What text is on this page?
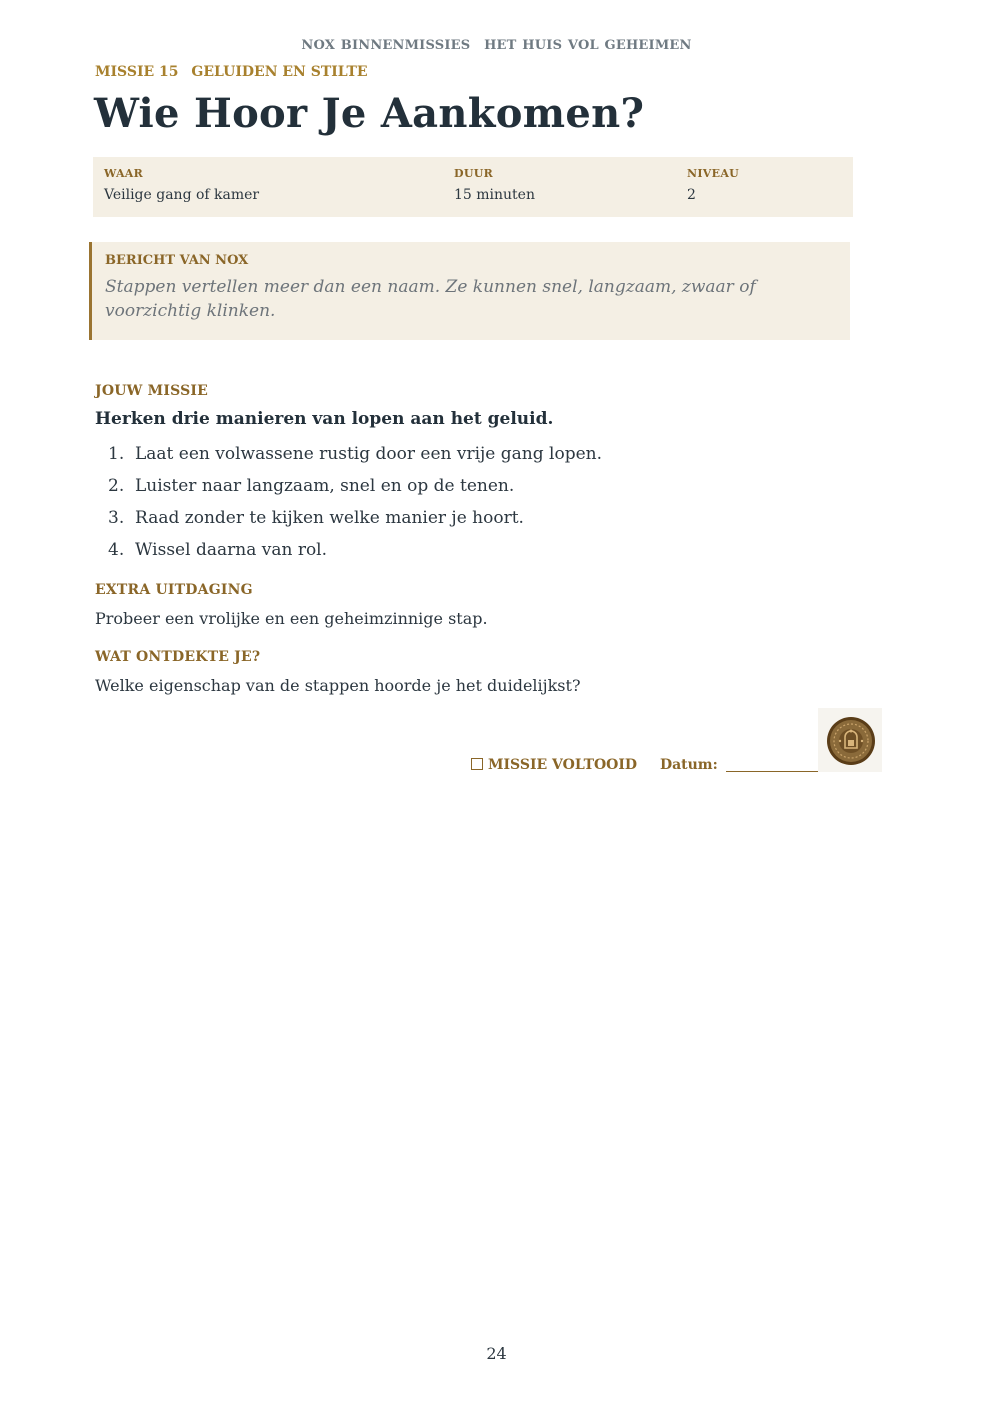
NOX BINNENMISSIES HET HUIS VOL GEHEIMEN
MISSIE 15 GELUIDEN EN STILTE
Wie Hoor Je Aankomen?
WAAR
Veilige gang of kamer
DUUR
15 minuten
NIVEAU
2
BERICHT VAN NOX
Stappen vertellen meer dan een naam. Ze kunnen snel, langzaam, zwaar of voorzichtig klinken.
JOUW MISSIE
Herken drie manieren van lopen aan het geluid.
1. Laat een volwassene rustig door een vrije gang lopen.
2. Luister naar langzaam, snel en op de tenen.
3. Raad zonder te kijken welke manier je hoort.
4. Wissel daarna van rol.
EXTRA UITDAGING
Probeer een vrolijke en een geheimzinnige stap.
WAT ONTDEKTE JE?
Welke eigenschap van de stappen hoorde je het duidelijkst?
MISSIE VOLTOOID Datum:
24
